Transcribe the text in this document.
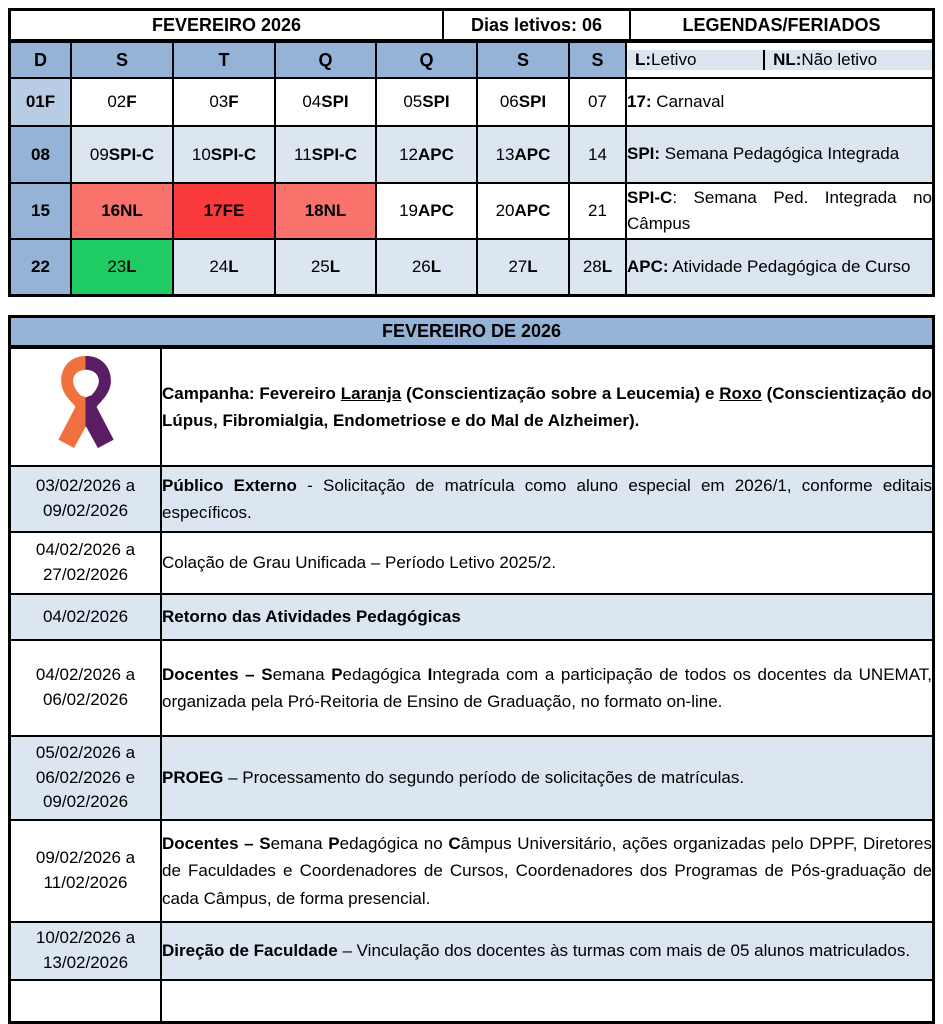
FEVEREIRO 2026	Dias letivos: 06	LEGENDAS/FERIADOS
D	S	T	Q	Q	S	S	L: Letivo NL: Não letivo

01F	02F	03F	04SPI	05SPI	06SPI	07	17: Carnaval
08	09SPI-C	10SPI-C	11SPI-C	12APC	13APC	14	SPI: Semana Pedagógica Integrada
15	16NL	17FE	18NL	19APC	20APC	21	SPI-C: Semana Ped. Integrada no Câmpus
22	23L	24L	25L	26L	27L	28L	APC: Atividade Pedagógica de Curso
FEVEREIRO DE 2026
	Campanha: Fevereiro Laranja (Conscientização sobre a Leucemia) e Roxo (Conscientização do Lúpus, Fibromialgia, Endometriose e do Mal de Alzheimer).
03/02/2026 a
09/02/2026	Público Externo - Solicitação de matrícula como aluno especial em 2026/1, conforme editais específicos.
04/02/2026 a
27/02/2026	Colação de Grau Unificada – Período Letivo 2025/2.
04/02/2026	Retorno das Atividades Pedagógicas
04/02/2026 a
06/02/2026	Docentes – Semana Pedagógica Integrada com a participação de todos os docentes da UNEMAT, organizada pela Pró-Reitoria de Ensino de Graduação, no formato on-line.
05/02/2026 a
06/02/2026 e
09/02/2026	PROEG – Processamento do segundo período de solicitações de matrículas.
09/02/2026 a
11/02/2026	Docentes – Semana Pedagógica no Câmpus Universitário, ações organizadas pelo DPPF, Diretores de Faculdades e Coordenadores de Cursos, Coordenadores dos Programas de Pós-graduação de cada Câmpus, de forma presencial.
10/02/2026 a
13/02/2026	Direção de Faculdade – Vinculação dos docentes às turmas com mais de 05 alunos matriculados.
